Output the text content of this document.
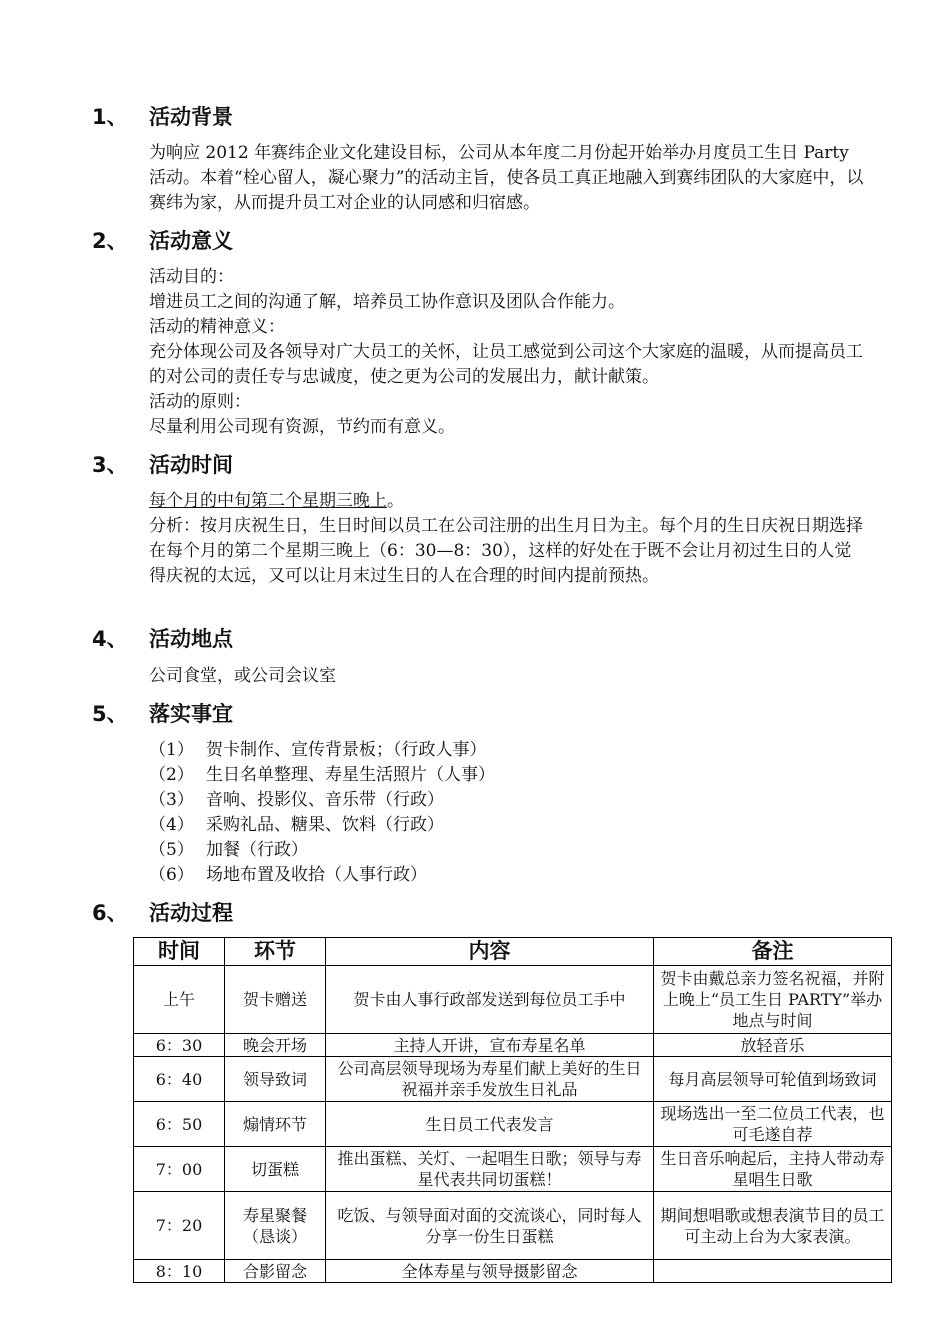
1、	活动背景

为响应 2012 年赛纬企业文化建设目标，公司从本年度二月份起开始举办月度员工生日 Party 活动。本着“栓心留人，凝心聚力”的活动主旨，使各员工真正地融入到赛纬团队的大家庭中，以赛纬为家，从而提升员工对企业的认同感和归宿感。

2、	活动意义

活动目的：

增进员工之间的沟通了解，培养员工协作意识及团队合作能力。

活动的精神意义：

充分体现公司及各领导对广大员工的关怀，让员工感觉到公司这个大家庭的温暖，从而提高员工的对公司的责任专与忠诚度，使之更为公司的发展出力，献计献策。

活动的原则：

尽量利用公司现有资源，节约而有意义。

3、	活动时间

每个月的中旬第二个星期三晚上。

分析：按月庆祝生日，生日时间以员工在公司注册的出生月日为主。每个月的生日庆祝日期选择在每个月的第二个星期三晚上（6：30—8：30），这样的好处在于既不会让月初过生日的人觉得庆祝的太远，又可以让月末过生日的人在合理的时间内提前预热。

4、	活动地点

公司食堂，或公司会议室

5、	落实事宜
（1） 贺卡制作、宣传背景板；（行政人事）
（2） 生日名单整理、寿星生活照片（人事）
（3） 音响、投影仪、音乐带（行政）
（4） 采购礼品、糖果、饮料（行政）
（5） 加餐（行政）
（6） 场地布置及收拾（人事行政）
6、	活动过程
时间	环节	内容	备注
上午	贺卡赠送	贺卡由人事行政部发送到每位员工手中	贺卡由戴总亲力签名祝福，并附上晚上“员工生日 PARTY”举办地点与时间
6：30	晚会开场	主持人开讲，宣布寿星名单	放轻音乐
6：40	领导致词	公司高层领导现场为寿星们献上美好的生日祝福并亲手发放生日礼品	每月高层领导可轮值到场致词
6：50	煽情环节	生日员工代表发言	现场选出一至二位员工代表，也可毛遂自荐
7：00	切蛋糕	推出蛋糕、关灯、一起唱生日歌；领导与寿星代表共同切蛋糕！	生日音乐响起后，主持人带动寿星唱生日歌
7：20	寿星聚餐（恳谈）	吃饭、与领导面对面的交流谈心，同时每人分享一份生日蛋糕	期间想唱歌或想表演节目的员工可主动上台为大家表演。
8：10	合影留念	全体寿星与领导摄影留念	
